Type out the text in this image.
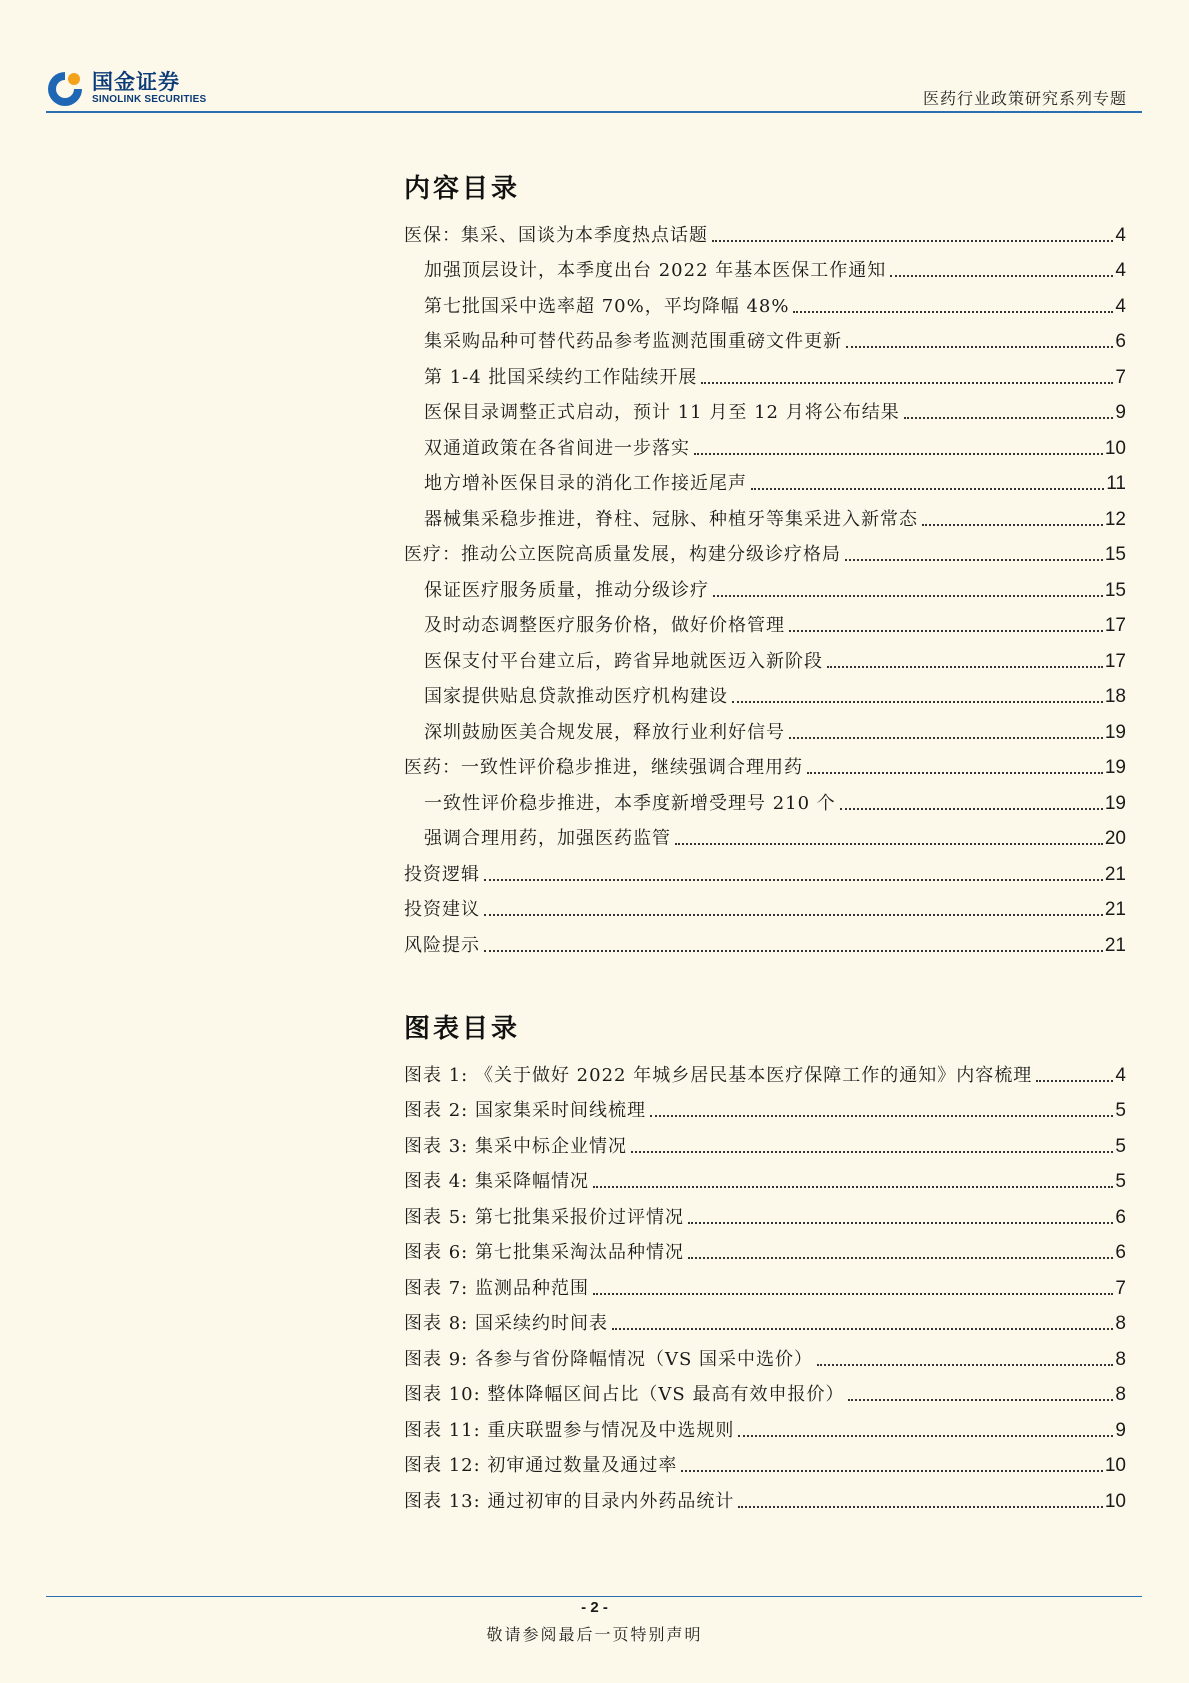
国金证券
SINOLINK SECURITIES	医药行业政策研究系列专题
内容目录
医保：集采、国谈为本季度热点话题	4
加强顶层设计，本季度出台 2022 年基本医保工作通知	4
第七批国采中选率超 70%，平均降幅 48%	4
集采购品种可替代药品参考监测范围重磅文件更新	6
第 1-4 批国采续约工作陆续开展	7
医保目录调整正式启动，预计 11 月至 12 月将公布结果	9
双通道政策在各省间进一步落实	10
地方增补医保目录的消化工作接近尾声	11
器械集采稳步推进，脊柱、冠脉、种植牙等集采进入新常态	12
医疗：推动公立医院高质量发展，构建分级诊疗格局	15
保证医疗服务质量，推动分级诊疗	15
及时动态调整医疗服务价格，做好价格管理	17
医保支付平台建立后，跨省异地就医迈入新阶段	17
国家提供贴息贷款推动医疗机构建设	18
深圳鼓励医美合规发展，释放行业利好信号	19
医药：一致性评价稳步推进，继续强调合理用药	19
一致性评价稳步推进，本季度新增受理号 210 个	19
强调合理用药，加强医药监管	20
投资逻辑	21
投资建议	21
风险提示	21
图表目录
图表 1: 《关于做好 2022 年城乡居民基本医疗保障工作的通知》内容梳理	4
图表 2: 国家集采时间线梳理	5
图表 3: 集采中标企业情况	5
图表 4: 集采降幅情况	5
图表 5: 第七批集采报价过评情况	6
图表 6: 第七批集采淘汰品种情况	6
图表 7: 监测品种范围	7
图表 8: 国采续约时间表	8
图表 9: 各参与省份降幅情况（VS 国采中选价）	8
图表 10: 整体降幅区间占比（VS 最高有效申报价）	8
图表 11: 重庆联盟参与情况及中选规则	9
图表 12: 初审通过数量及通过率	10
图表 13: 通过初审的目录内外药品统计	10
- 2 -
敬请参阅最后一页特别声明
